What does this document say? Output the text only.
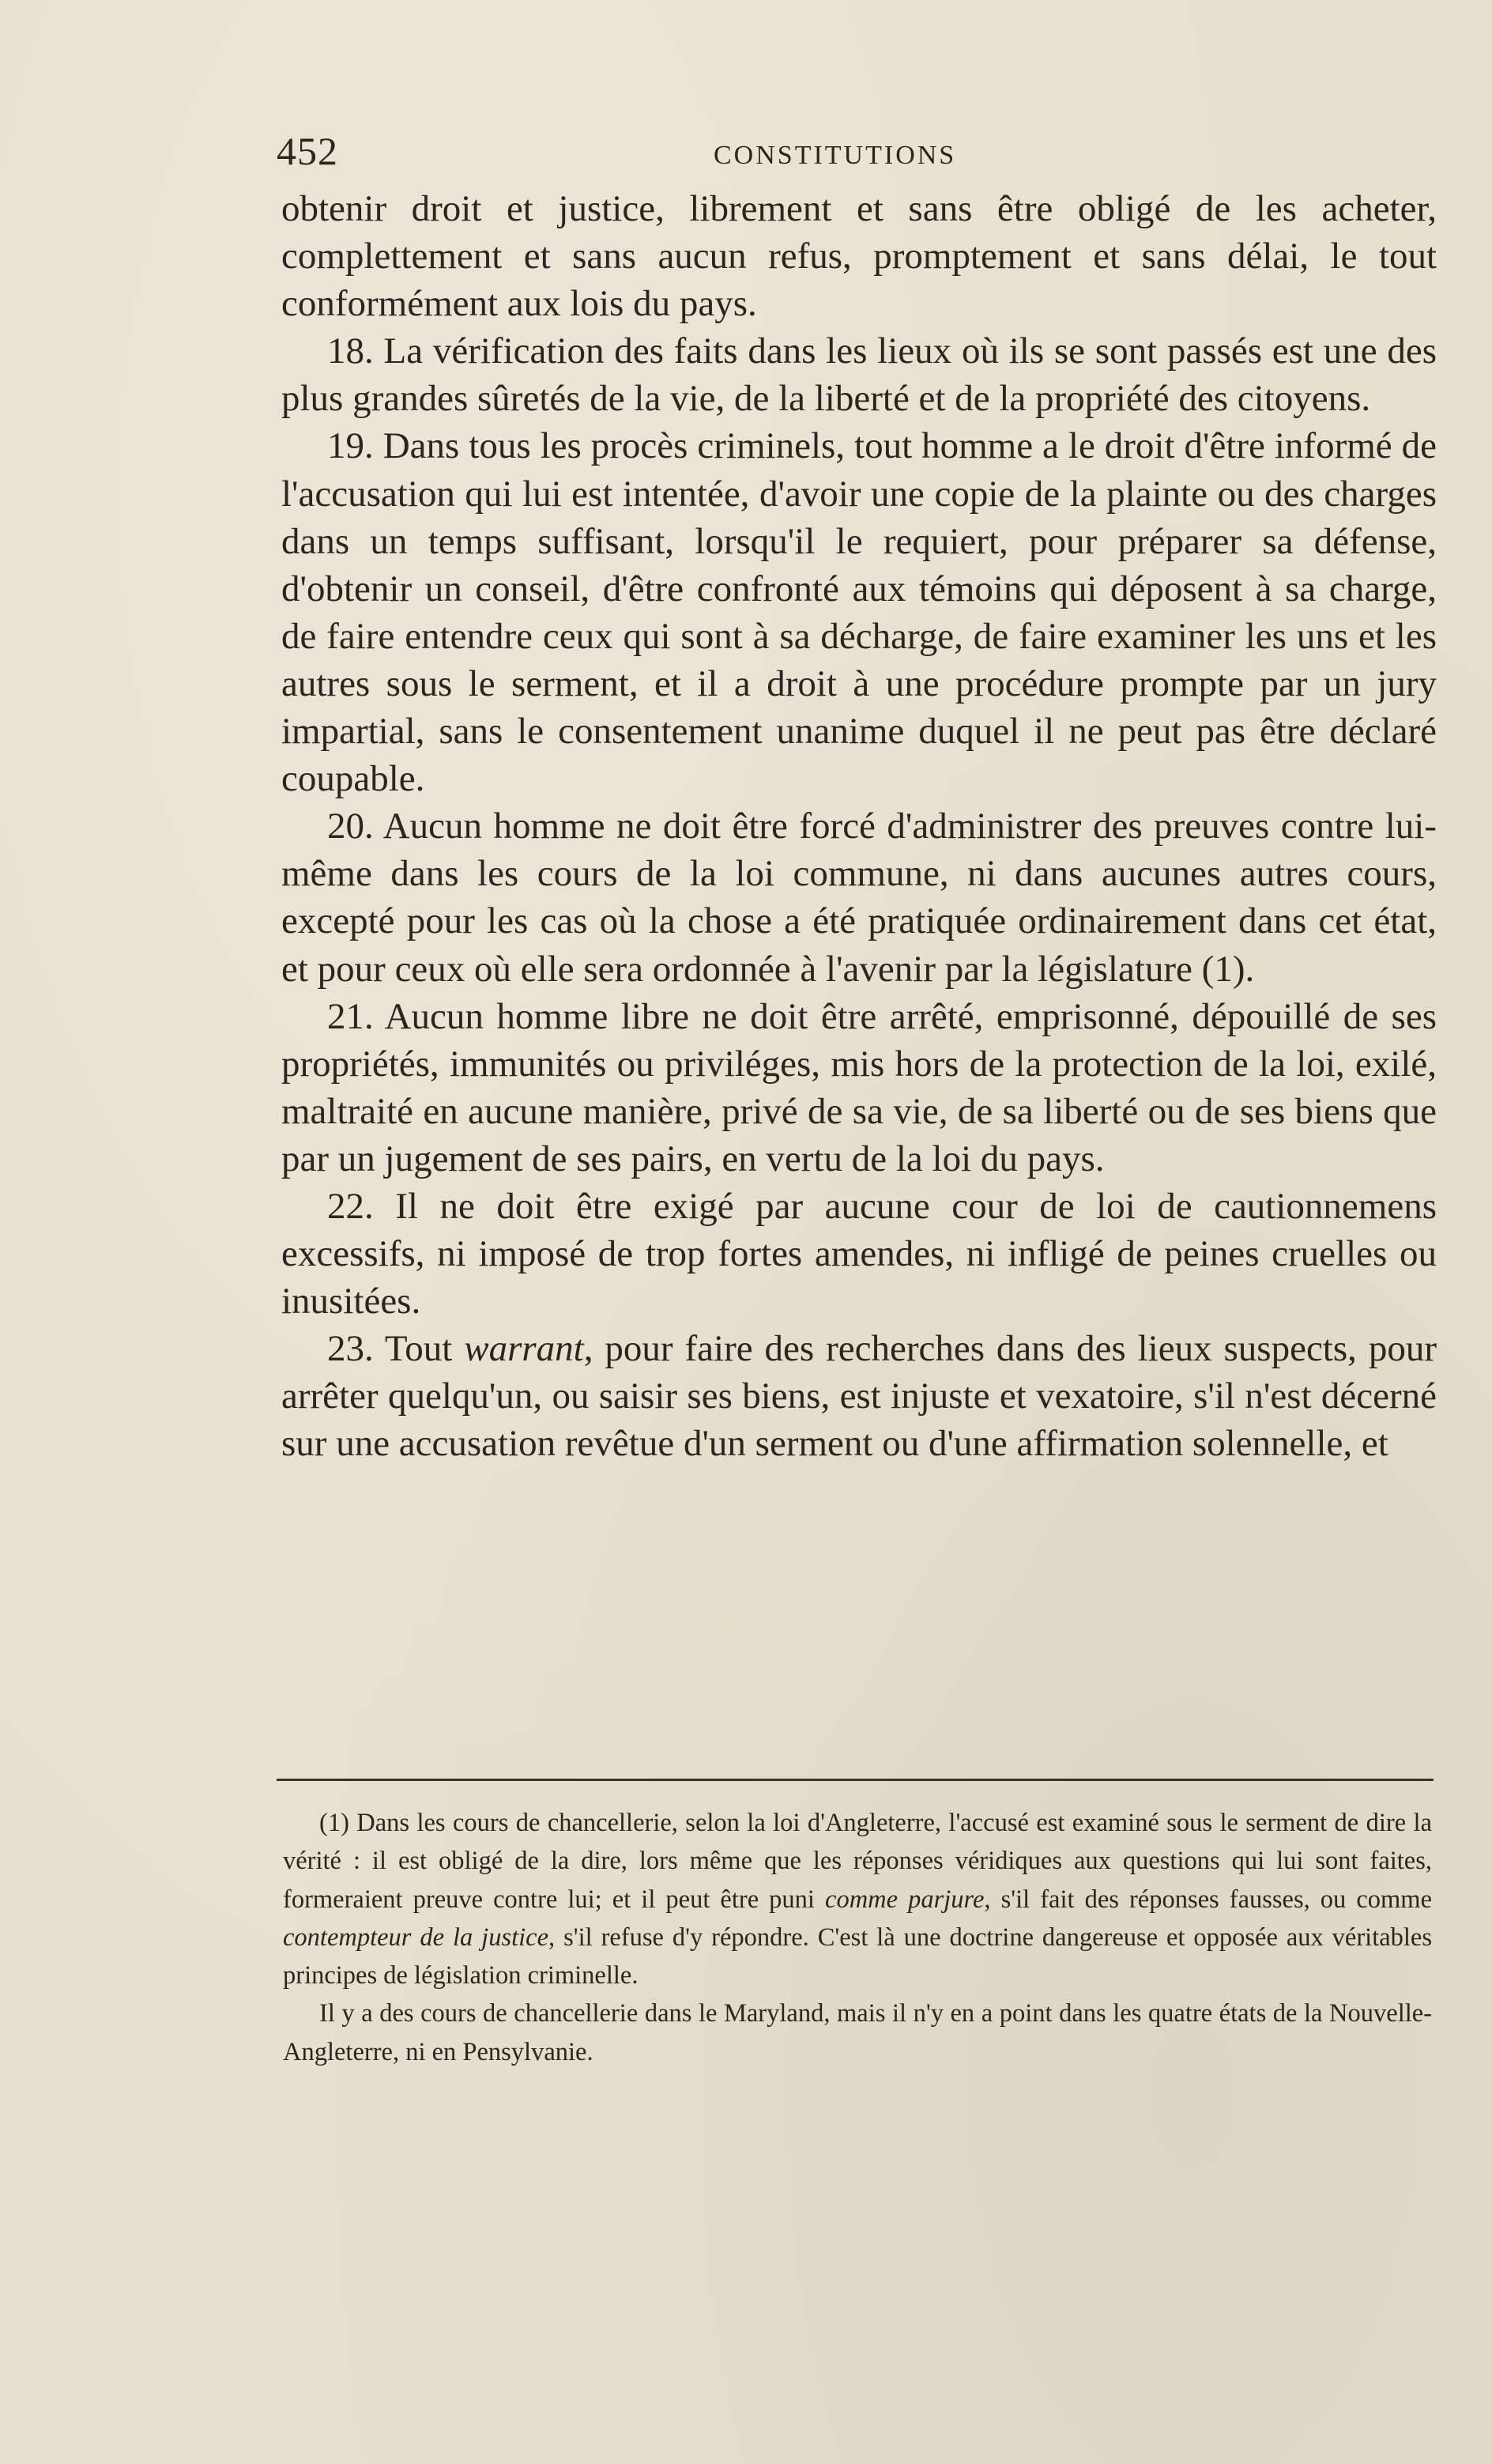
452	CONSTITUTIONS

obtenir droit et justice, librement et sans être obligé de les acheter, complettement et sans aucun refus, promptement et sans délai, le tout conformément aux lois du pays.

18. La vérification des faits dans les lieux où ils se sont passés est une des plus grandes sûretés de la vie, de la liberté et de la propriété des citoyens.

19. Dans tous les procès criminels, tout homme a le droit d'être informé de l'accusation qui lui est intentée, d'avoir une copie de la plainte ou des charges dans un temps suffisant, lorsqu'il le requiert, pour préparer sa défense, d'obtenir un conseil, d'être confronté aux témoins qui déposent à sa charge, de faire entendre ceux qui sont à sa décharge, de faire examiner les uns et les autres sous le serment, et il a droit à une procédure prompte par un jury impartial, sans le consentement unanime duquel il ne peut pas être déclaré coupable.

20. Aucun homme ne doit être forcé d'administrer des preuves contre lui-même dans les cours de la loi commune, ni dans aucunes autres cours, excepté pour les cas où la chose a été pratiquée ordinairement dans cet état, et pour ceux où elle sera ordonnée à l'avenir par la législature (1).

21. Aucun homme libre ne doit être arrêté, emprisonné, dépouillé de ses propriétés, immunités ou priviléges, mis hors de la protection de la loi, exilé, maltraité en aucune manière, privé de sa vie, de sa liberté ou de ses biens que par un jugement de ses pairs, en vertu de la loi du pays.

22. Il ne doit être exigé par aucune cour de loi de cautionnemens excessifs, ni imposé de trop fortes amendes, ni infligé de peines cruelles ou inusitées.

23. Tout warrant, pour faire des recherches dans des lieux suspects, pour arrêter quelqu'un, ou saisir ses biens, est injuste et vexatoire, s'il n'est décerné sur une accusation revêtue d'un serment ou d'une affirmation solennelle, et

(1) Dans les cours de chancellerie, selon la loi d'Angleterre, l'accusé est examiné sous le serment de dire la vérité : il est obligé de la dire, lors même que les réponses véridiques aux questions qui lui sont faites, formeraient preuve contre lui; et il peut être puni comme parjure, s'il fait des réponses fausses, ou comme contempteur de la justice, s'il refuse d'y répondre. C'est là une doctrine dangereuse et opposée aux véritables principes de législation criminelle.

Il y a des cours de chancellerie dans le Maryland, mais il n'y en a point dans les quatre états de la Nouvelle-Angleterre, ni en Pensylvanie.
